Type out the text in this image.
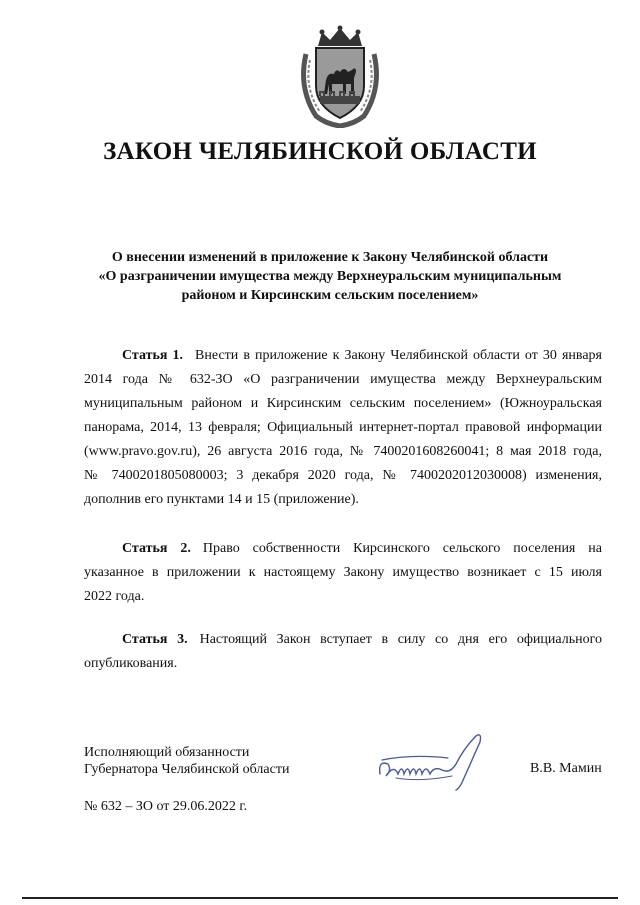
ЗАКОН ЧЕЛЯБИНСКОЙ ОБЛАСТИ
О внесении изменений в приложение к Закону Челябинской области
«О разграничении имущества между Верхнеуральским муниципальным
районом и Кирсинским сельским поселением»
Статья 1. Внести в приложение к Закону Челябинской области от 30 января
2014 года № 632-ЗО «О разграничении имущества между Верхнеуральским
муниципальным районом и Кирсинским сельским поселением» (Южноуральская
панорама, 2014, 13 февраля; Официальный интернет-портал правовой информации
(www.pravo.gov.ru), 26 августа 2016 года, № 7400201608260041; 8 мая 2018 года,
№ 7400201805080003; 3 декабря 2020 года, № 7400202012030008) изменения,
дополнив его пунктами 14 и 15 (приложение).
Статья 2. Право собственности Кирсинского сельского поселения на
указанное в приложении к настоящему Закону имущество возникает с 15 июля
2022 года.
Статья 3. Настоящий Закон вступает в силу со дня его официального
опубликования.
Исполняющий обязанности
Губернатора Челябинской области	В.В. Мамин
№ 632 – ЗО от 29.06.2022 г.
